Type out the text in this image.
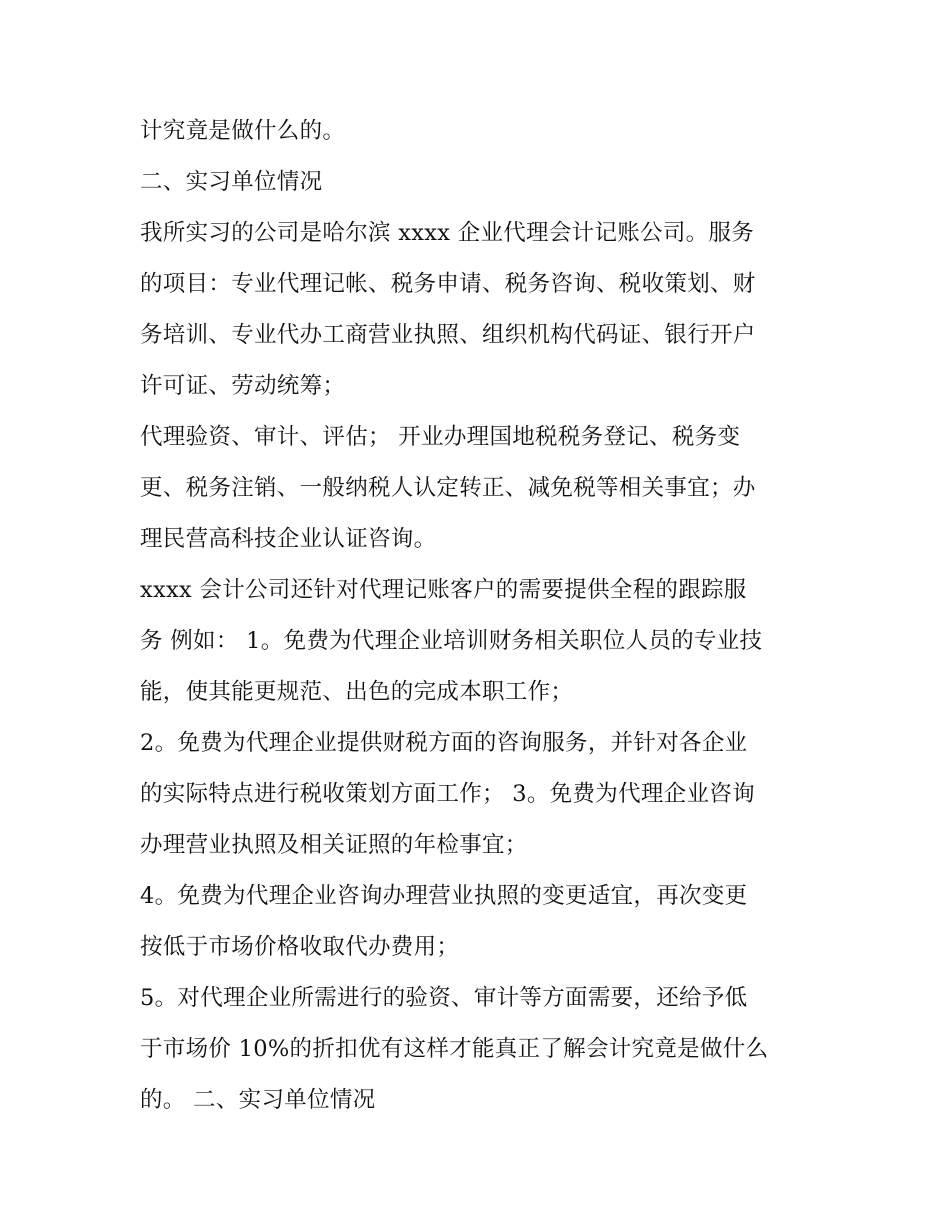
计究竟是做什么的。
二、实习单位情况
我所实习的公司是哈尔滨 xxxx 企业代理会计记账公司。服务
的项目：专业代理记帐、税务申请、税务咨询、税收策划、财
务培训、专业代办工商营业执照、组织机构代码证、银行开户
许可证、劳动统筹；
代理验资、审计、评估； 开业办理国地税税务登记、税务变
更、税务注销、一般纳税人认定转正、减免税等相关事宜；办
理民营高科技企业认证咨询。
xxxx 会计公司还针对代理记账客户的需要提供全程的跟踪服
务 例如： 1。免费为代理企业培训财务相关职位人员的专业技
能，使其能更规范、出色的完成本职工作；
2。免费为代理企业提供财税方面的咨询服务，并针对各企业
的实际特点进行税收策划方面工作； 3。免费为代理企业咨询
办理营业执照及相关证照的年检事宜；
4。免费为代理企业咨询办理营业执照的变更适宜，再次变更
按低于市场价格收取代办费用；
5。对代理企业所需进行的验资、审计等方面需要，还给予低
于市场价 10%的折扣优有这样才能真正了解会计究竟是做什么
的。 二、实习单位情况
